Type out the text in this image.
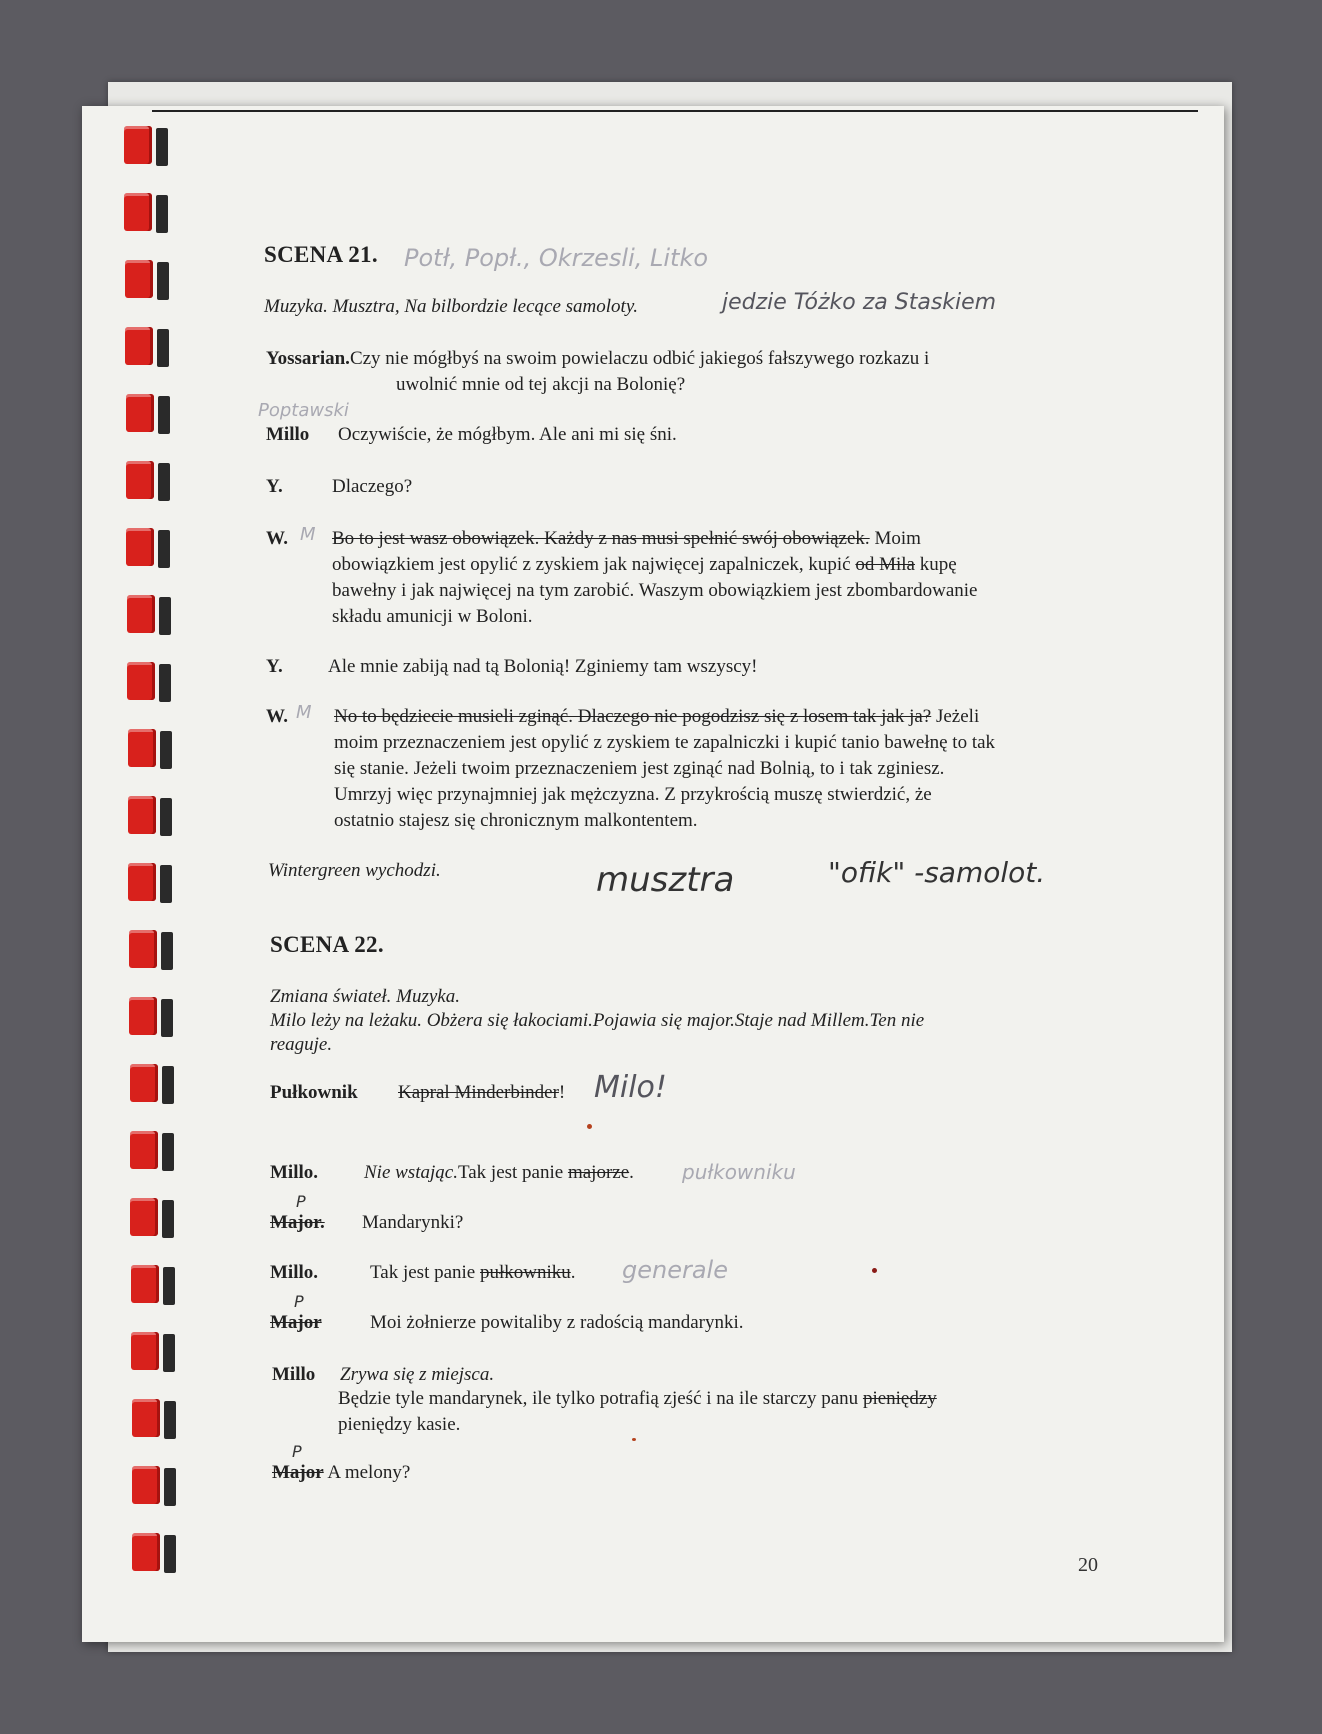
SCENA 21. Potł, Popł., Okrzesli, Litko
Muzyka. Musztra, Na bilbordzie lecące samoloty.	jedzie Tóżko za Staskiem
Yossarian.Czy nie mógłbyś na swoim powielaczu odbić jakiegoś fałszywego rozkazu i
uwolnić mnie od tej akcji na Bolonię?
Poptawski
Millo Oczywiście, że mógłbym. Ale ani mi się śni.
Y.	Dlaczego?
W. M Bo to jest wasz obowiązek. Każdy z nas musi spełnić swój obowiązek. Moim
obowiązkiem jest opylić z zyskiem jak najwięcej zapalniczek, kupić od Mila kupę
bawełny i jak najwięcej na tym zarobić. Waszym obowiązkiem jest zbombardowanie
składu amunicji w Boloni.
Y. Ale mnie zabiją nad tą Bolonią! Zginiemy tam wszyscy!
W. M No to będziecie musieli zginąć. Dlaczego nie pogodzisz się z losem tak jak ja? Jeżeli
moim przeznaczeniem jest opylić z zyskiem te zapalniczki i kupić tanio bawełnę to tak
się stanie. Jeżeli twoim przeznaczeniem jest zginąć nad Bolnią, to i tak zginiesz.
Umrzyj więc przynajmniej jak mężczyzna. Z przykrością muszę stwierdzić, że
ostatnio stajesz się chronicznym malkontentem.
Wintergreen wychodzi.	musztra	"ofik" -samolot.
SCENA 22.
Zmiana świateł. Muzyka.
Milo leży na leżaku. Obżera się łakociami.Pojawia się major.Staje nad Millem.Ten nie
reaguje.
Pułkownik Kapral Minderbinder! Milo!
Millo. Nie wstając.Tak jest panie majorze. pułkowniku
P
Major. Mandarynki?
Millo.	Tak jest panie pułkowniku. generale
P
Major	Moi żołnierze powitaliby z radością mandarynki.
Millo Zrywa się z miejsca.
Będzie tyle mandarynek, ile tylko potrafią zjeść i na ile starczy panu pieniędzy
pieniędzy kasie.
P
Major A melony?
20
